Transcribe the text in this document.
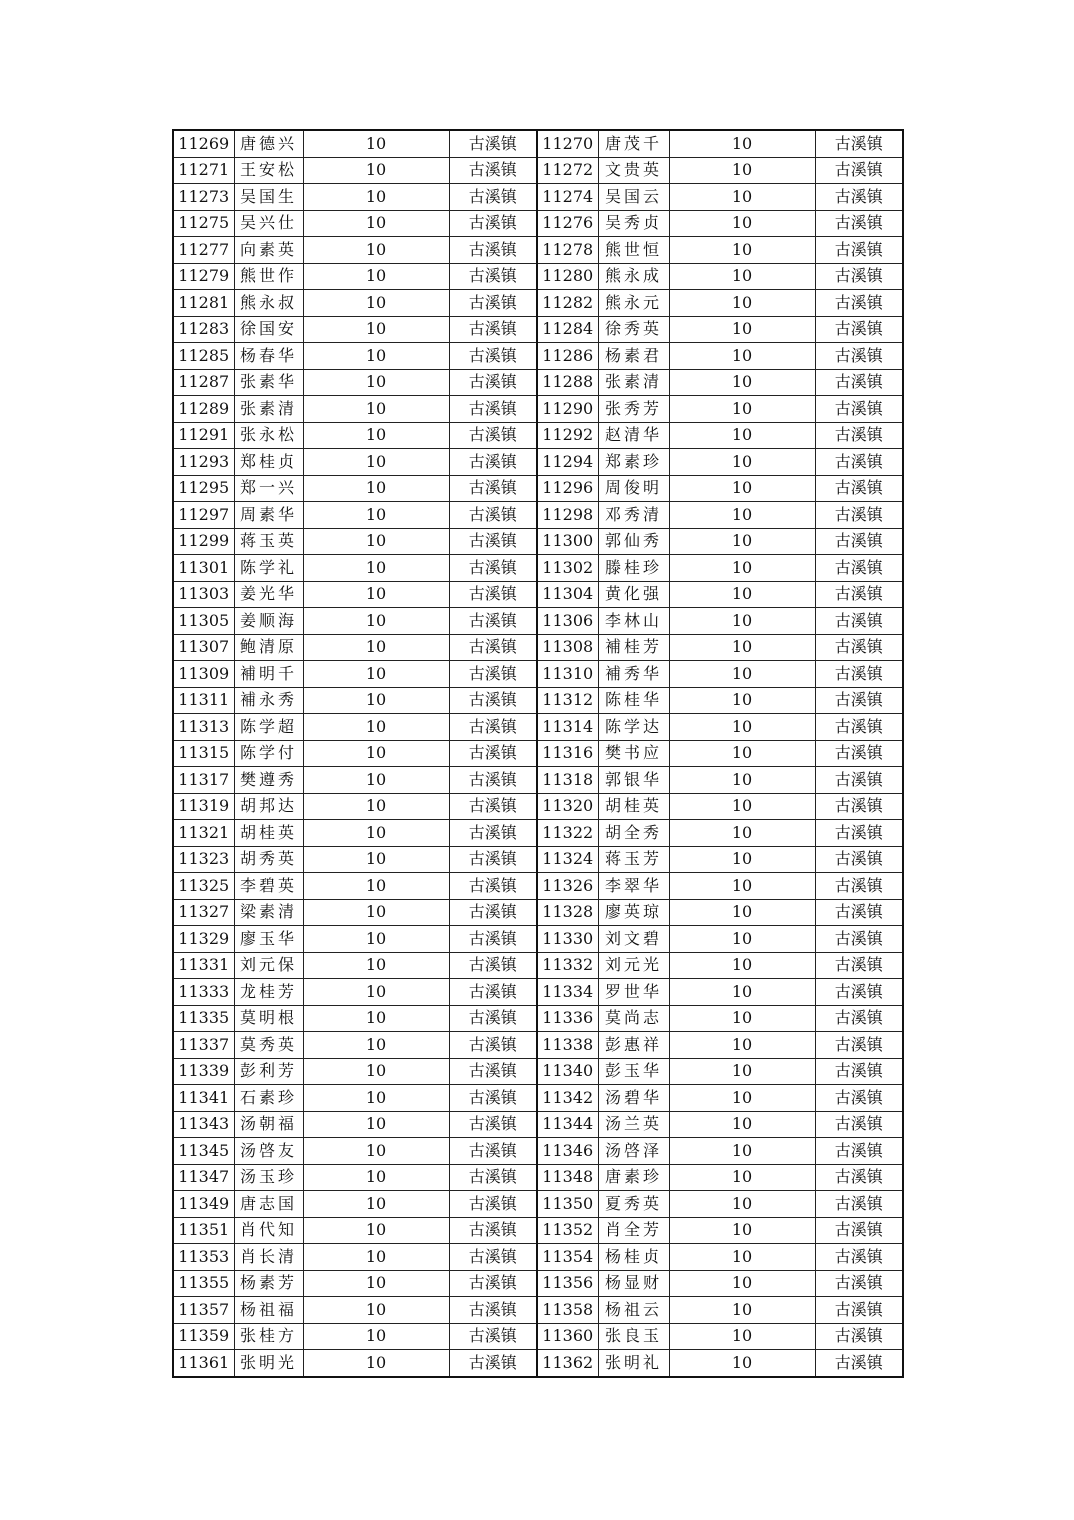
11269	唐德兴	10	古溪镇	11270	唐茂千	10	古溪镇
11271	王安松	10	古溪镇	11272	文贵英	10	古溪镇
11273	吴国生	10	古溪镇	11274	吴国云	10	古溪镇
11275	吴兴仕	10	古溪镇	11276	吴秀贞	10	古溪镇
11277	向素英	10	古溪镇	11278	熊世恒	10	古溪镇
11279	熊世作	10	古溪镇	11280	熊永成	10	古溪镇
11281	熊永叔	10	古溪镇	11282	熊永元	10	古溪镇
11283	徐国安	10	古溪镇	11284	徐秀英	10	古溪镇
11285	杨春华	10	古溪镇	11286	杨素君	10	古溪镇
11287	张素华	10	古溪镇	11288	张素清	10	古溪镇
11289	张素清	10	古溪镇	11290	张秀芳	10	古溪镇
11291	张永松	10	古溪镇	11292	赵清华	10	古溪镇
11293	郑桂贞	10	古溪镇	11294	郑素珍	10	古溪镇
11295	郑一兴	10	古溪镇	11296	周俊明	10	古溪镇
11297	周素华	10	古溪镇	11298	邓秀清	10	古溪镇
11299	蒋玉英	10	古溪镇	11300	郭仙秀	10	古溪镇
11301	陈学礼	10	古溪镇	11302	滕桂珍	10	古溪镇
11303	姜光华	10	古溪镇	11304	黄化强	10	古溪镇
11305	姜顺海	10	古溪镇	11306	李林山	10	古溪镇
11307	鲍清原	10	古溪镇	11308	補桂芳	10	古溪镇
11309	補明千	10	古溪镇	11310	補秀华	10	古溪镇
11311	補永秀	10	古溪镇	11312	陈桂华	10	古溪镇
11313	陈学超	10	古溪镇	11314	陈学达	10	古溪镇
11315	陈学付	10	古溪镇	11316	樊书应	10	古溪镇
11317	樊遵秀	10	古溪镇	11318	郭银华	10	古溪镇
11319	胡邦达	10	古溪镇	11320	胡桂英	10	古溪镇
11321	胡桂英	10	古溪镇	11322	胡全秀	10	古溪镇
11323	胡秀英	10	古溪镇	11324	蒋玉芳	10	古溪镇
11325	李碧英	10	古溪镇	11326	李翠华	10	古溪镇
11327	梁素清	10	古溪镇	11328	廖英琼	10	古溪镇
11329	廖玉华	10	古溪镇	11330	刘文碧	10	古溪镇
11331	刘元保	10	古溪镇	11332	刘元光	10	古溪镇
11333	龙桂芳	10	古溪镇	11334	罗世华	10	古溪镇
11335	莫明根	10	古溪镇	11336	莫尚志	10	古溪镇
11337	莫秀英	10	古溪镇	11338	彭惠祥	10	古溪镇
11339	彭利芳	10	古溪镇	11340	彭玉华	10	古溪镇
11341	石素珍	10	古溪镇	11342	汤碧华	10	古溪镇
11343	汤朝福	10	古溪镇	11344	汤兰英	10	古溪镇
11345	汤啓友	10	古溪镇	11346	汤啓泽	10	古溪镇
11347	汤玉珍	10	古溪镇	11348	唐素珍	10	古溪镇
11349	唐志国	10	古溪镇	11350	夏秀英	10	古溪镇
11351	肖代知	10	古溪镇	11352	肖全芳	10	古溪镇
11353	肖长清	10	古溪镇	11354	杨桂贞	10	古溪镇
11355	杨素芳	10	古溪镇	11356	杨显财	10	古溪镇
11357	杨祖福	10	古溪镇	11358	杨祖云	10	古溪镇
11359	张桂方	10	古溪镇	11360	张良玉	10	古溪镇
11361	张明光	10	古溪镇	11362	张明礼	10	古溪镇
